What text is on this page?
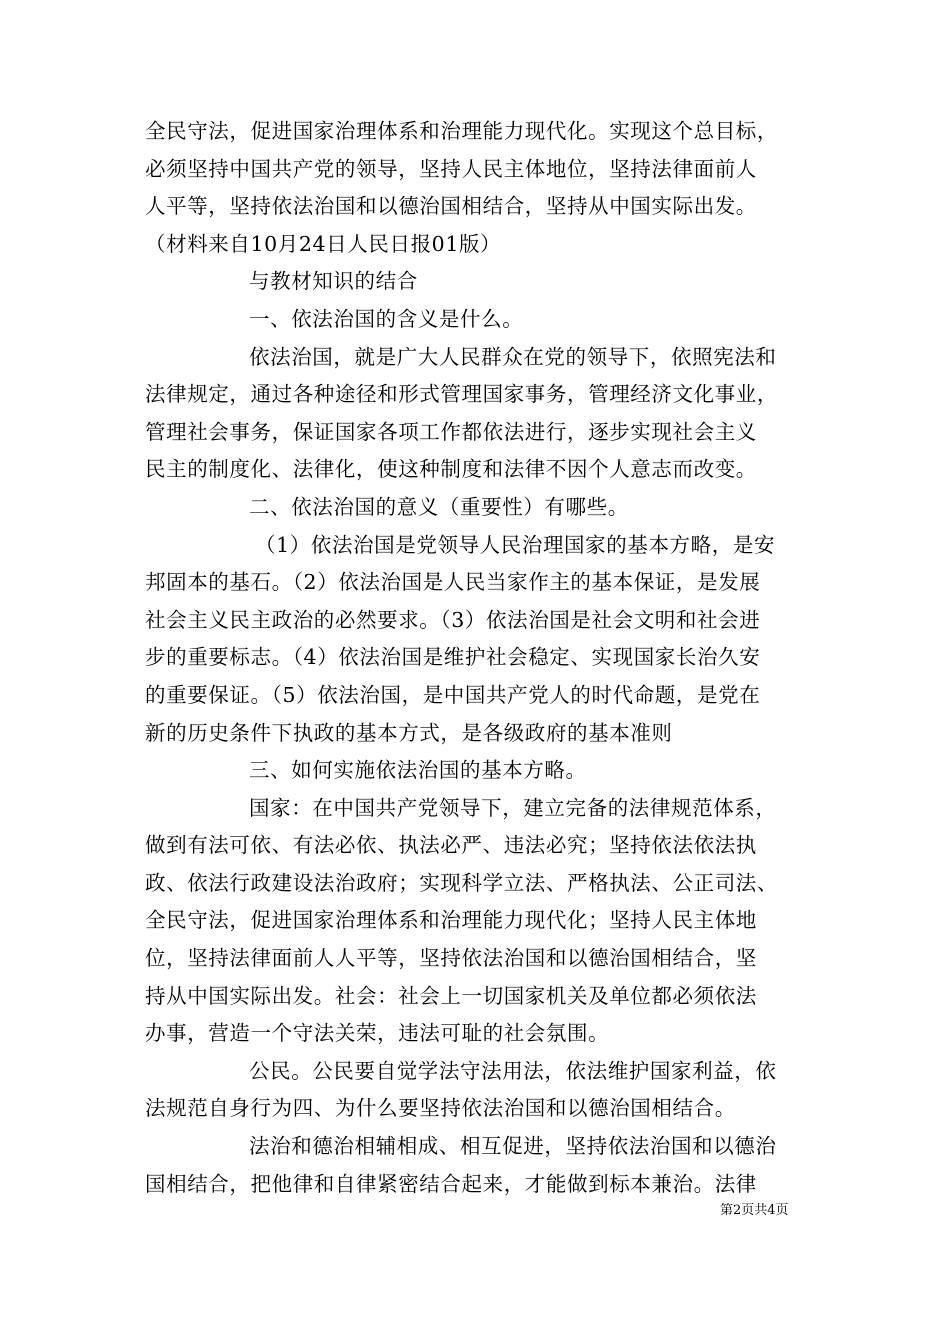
全民守法，促进国家治理体系和治理能力现代化。实现这个总目标，
必须坚持中国共产党的领导，坚持人民主体地位，坚持法律面前人
人平等，坚持依法治国和以德治国相结合，坚持从中国实际出发。
（材料来自10月24日人民日报01版）
与教材知识的结合
一、依法治国的含义是什么。
依法治国，就是广大人民群众在党的领导下，依照宪法和
法律规定，通过各种途径和形式管理国家事务，管理经济文化事业，
管理社会事务，保证国家各项工作都依法进行，逐步实现社会主义
民主的制度化、法律化，使这种制度和法律不因个人意志而改变。
二、依法治国的意义（重要性）有哪些。
（1）依法治国是党领导人民治理国家的基本方略，是安
邦固本的基石。（2）依法治国是人民当家作主的基本保证，是发展
社会主义民主政治的必然要求。（3）依法治国是社会文明和社会进
步的重要标志。（4）依法治国是维护社会稳定、实现国家长治久安
的重要保证。（5）依法治国，是中国共产党人的时代命题，是党在
新的历史条件下执政的基本方式，是各级政府的基本准则
三、如何实施依法治国的基本方略。
国家：在中国共产党领导下，建立完备的法律规范体系，
做到有法可依、有法必依、执法必严、违法必究；坚持依法依法执
政、依法行政建设法治政府；实现科学立法、严格执法、公正司法、
全民守法，促进国家治理体系和治理能力现代化；坚持人民主体地
位，坚持法律面前人人平等，坚持依法治国和以德治国相结合，坚
持从中国实际出发。社会：社会上一切国家机关及单位都必须依法
办事，营造一个守法关荣，违法可耻的社会氛围。
公民。公民要自觉学法守法用法，依法维护国家利益，依
法规范自身行为四、为什么要坚持依法治国和以德治国相结合。
法治和德治相辅相成、相互促进，坚持依法治国和以德治
国相结合，把他律和自律紧密结合起来，才能做到标本兼治。法律
第2页共4页
